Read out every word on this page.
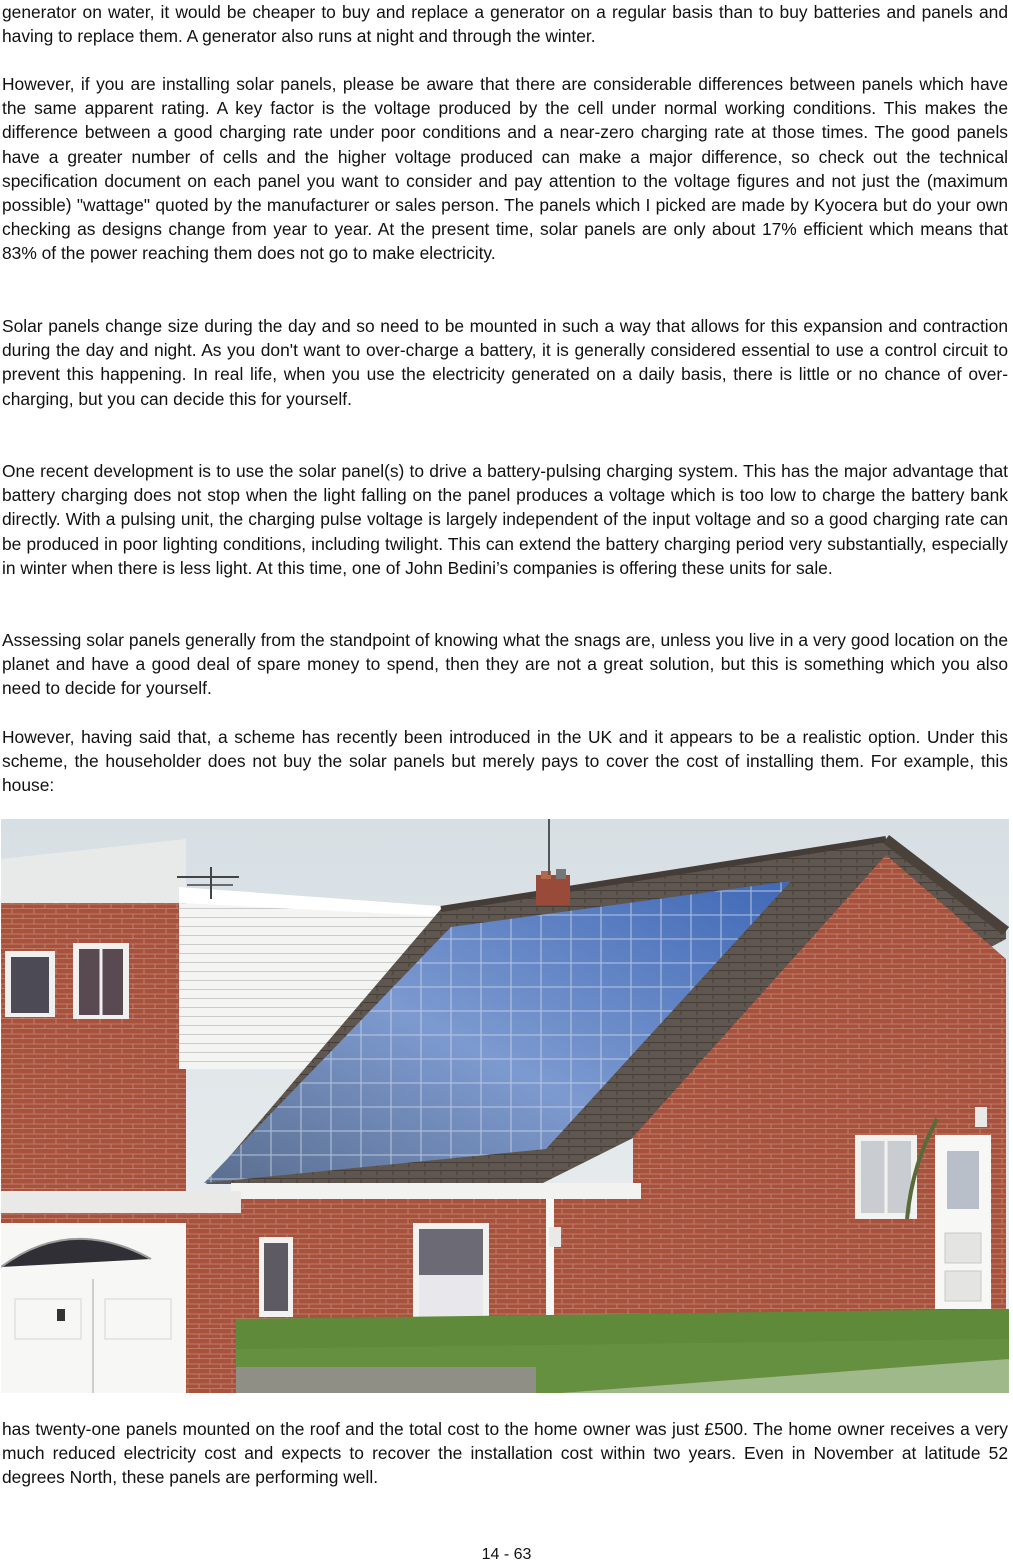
generator on water, it would be cheaper to buy and replace a generator on a regular basis than to buy batteries and panels and having to replace them. A generator also runs at night and through the winter.

However, if you are installing solar panels, please be aware that there are considerable differences between panels which have the same apparent rating. A key factor is the voltage produced by the cell under normal working conditions. This makes the difference between a good charging rate under poor conditions and a near-zero charging rate at those times. The good panels have a greater number of cells and the higher voltage produced can make a major difference, so check out the technical specification document on each panel you want to consider and pay attention to the voltage figures and not just the (maximum possible) "wattage" quoted by the manufacturer or sales person. The panels which I picked are made by Kyocera but do your own checking as designs change from year to year. At the present time, solar panels are only about 17% efficient which means that 83% of the power reaching them does not go to make electricity.

Solar panels change size during the day and so need to be mounted in such a way that allows for this expansion and contraction during the day and night. As you don't want to over-charge a battery, it is generally considered essential to use a control circuit to prevent this happening. In real life, when you use the electricity generated on a daily basis, there is little or no chance of over-charging, but you can decide this for yourself.

One recent development is to use the solar panel(s) to drive a battery-pulsing charging system. This has the major advantage that battery charging does not stop when the light falling on the panel produces a voltage which is too low to charge the battery bank directly. With a pulsing unit, the charging pulse voltage is largely independent of the input voltage and so a good charging rate can be produced in poor lighting conditions, including twilight. This can extend the battery charging period very substantially, especially in winter when there is less light. At this time, one of John Bedini’s companies is offering these units for sale.

Assessing solar panels generally from the standpoint of knowing what the snags are, unless you live in a very good location on the planet and have a good deal of spare money to spend, then they are not a great solution, but this is something which you also need to decide for yourself.

However, having said that, a scheme has recently been introduced in the UK and it appears to be a realistic option. Under this scheme, the householder does not buy the solar panels but merely pays to cover the cost of installing them. For example, this house:

has twenty-one panels mounted on the roof and the total cost to the home owner was just £500. The home owner receives a very much reduced electricity cost and expects to recover the installation cost within two years. Even in November at latitude 52 degrees North, these panels are performing well.

14 - 63
